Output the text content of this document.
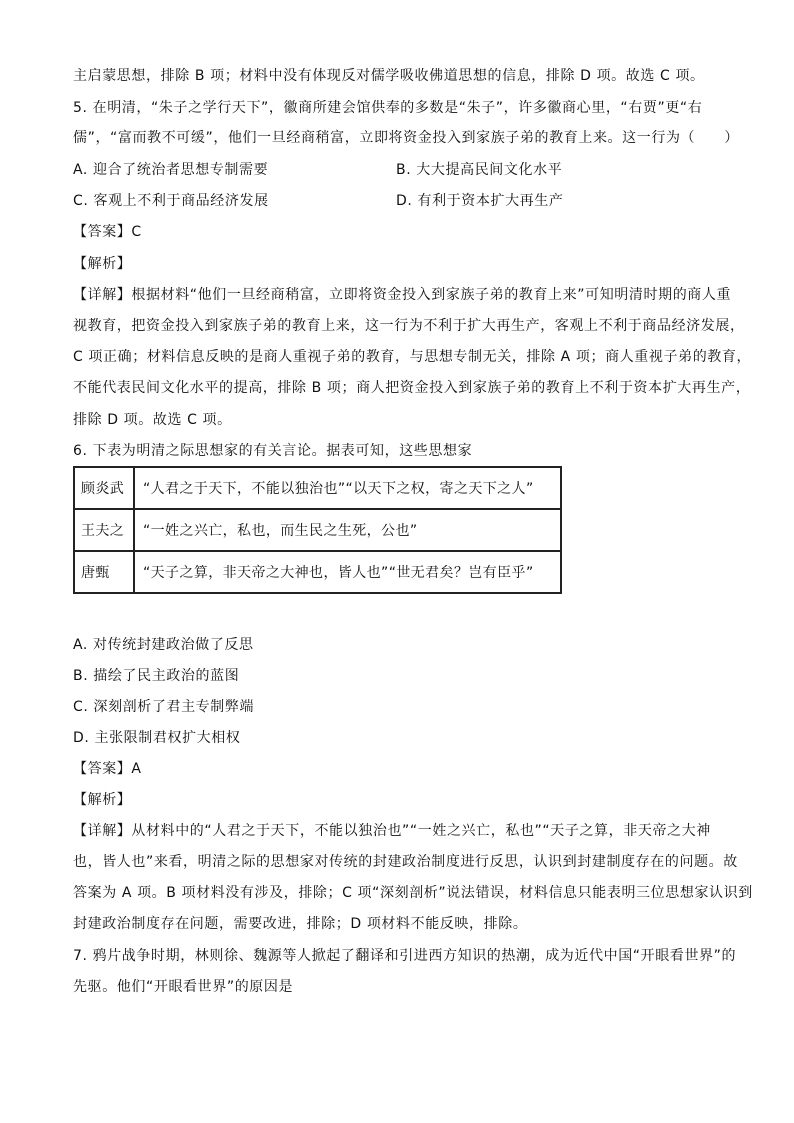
主启蒙思想，排除 B 项；材料中没有体现反对儒学吸收佛道思想的信息，排除 D 项。故选 C 项。
5. 在明清，“朱子之学行天下”，徽商所建会馆供奉的多数是“朱子”，许多徽商心里，“右贾”更“右
儒”，“富而教不可缓”，他们一旦经商稍富，立即将资金投入到家族子弟的教育上来。这一行为（　　）
A. 迎合了统治者思想专制需要	B. 大大提高民间文化水平
C. 客观上不利于商品经济发展	D. 有利于资本扩大再生产
【答案】C
【解析】
【详解】根据材料“他们一旦经商稍富，立即将资金投入到家族子弟的教育上来”可知明清时期的商人重
视教育，把资金投入到家族子弟的教育上来，这一行为不利于扩大再生产，客观上不利于商品经济发展，
C 项正确；材料信息反映的是商人重视子弟的教育，与思想专制无关，排除 A 项；商人重视子弟的教育，
不能代表民间文化水平的提高，排除 B 项；商人把资金投入到家族子弟的教育上不利于资本扩大再生产，
排除 D 项。故选 C 项。
6. 下表为明清之际思想家的有关言论。据表可知，这些思想家
顾炎武	“人君之于天下，不能以独治也”“以天下之权，寄之天下之人”
王夫之	“一姓之兴亡，私也，而生民之生死，公也”
唐甄	“天子之算，非天帝之大神也，皆人也”“世无君矣？岂有臣乎”
A. 对传统封建政治做了反思
B. 描绘了民主政治的蓝图
C. 深刻剖析了君主专制弊端
D. 主张限制君权扩大相权
【答案】A
【解析】
【详解】从材料中的“人君之于天下，不能以独治也”“一姓之兴亡，私也”“天子之算，非天帝之大神
也，皆人也”来看，明清之际的思想家对传统的封建政治制度进行反思，认识到封建制度存在的问题。故
答案为 A 项。B 项材料没有涉及，排除；C 项“深刻剖析”说法错误，材料信息只能表明三位思想家认识到
封建政治制度存在问题，需要改进，排除；D 项材料不能反映，排除。
7. 鸦片战争时期，林则徐、魏源等人掀起了翻译和引进西方知识的热潮，成为近代中国“开眼看世界”的
先驱。他们“开眼看世界”的原因是
